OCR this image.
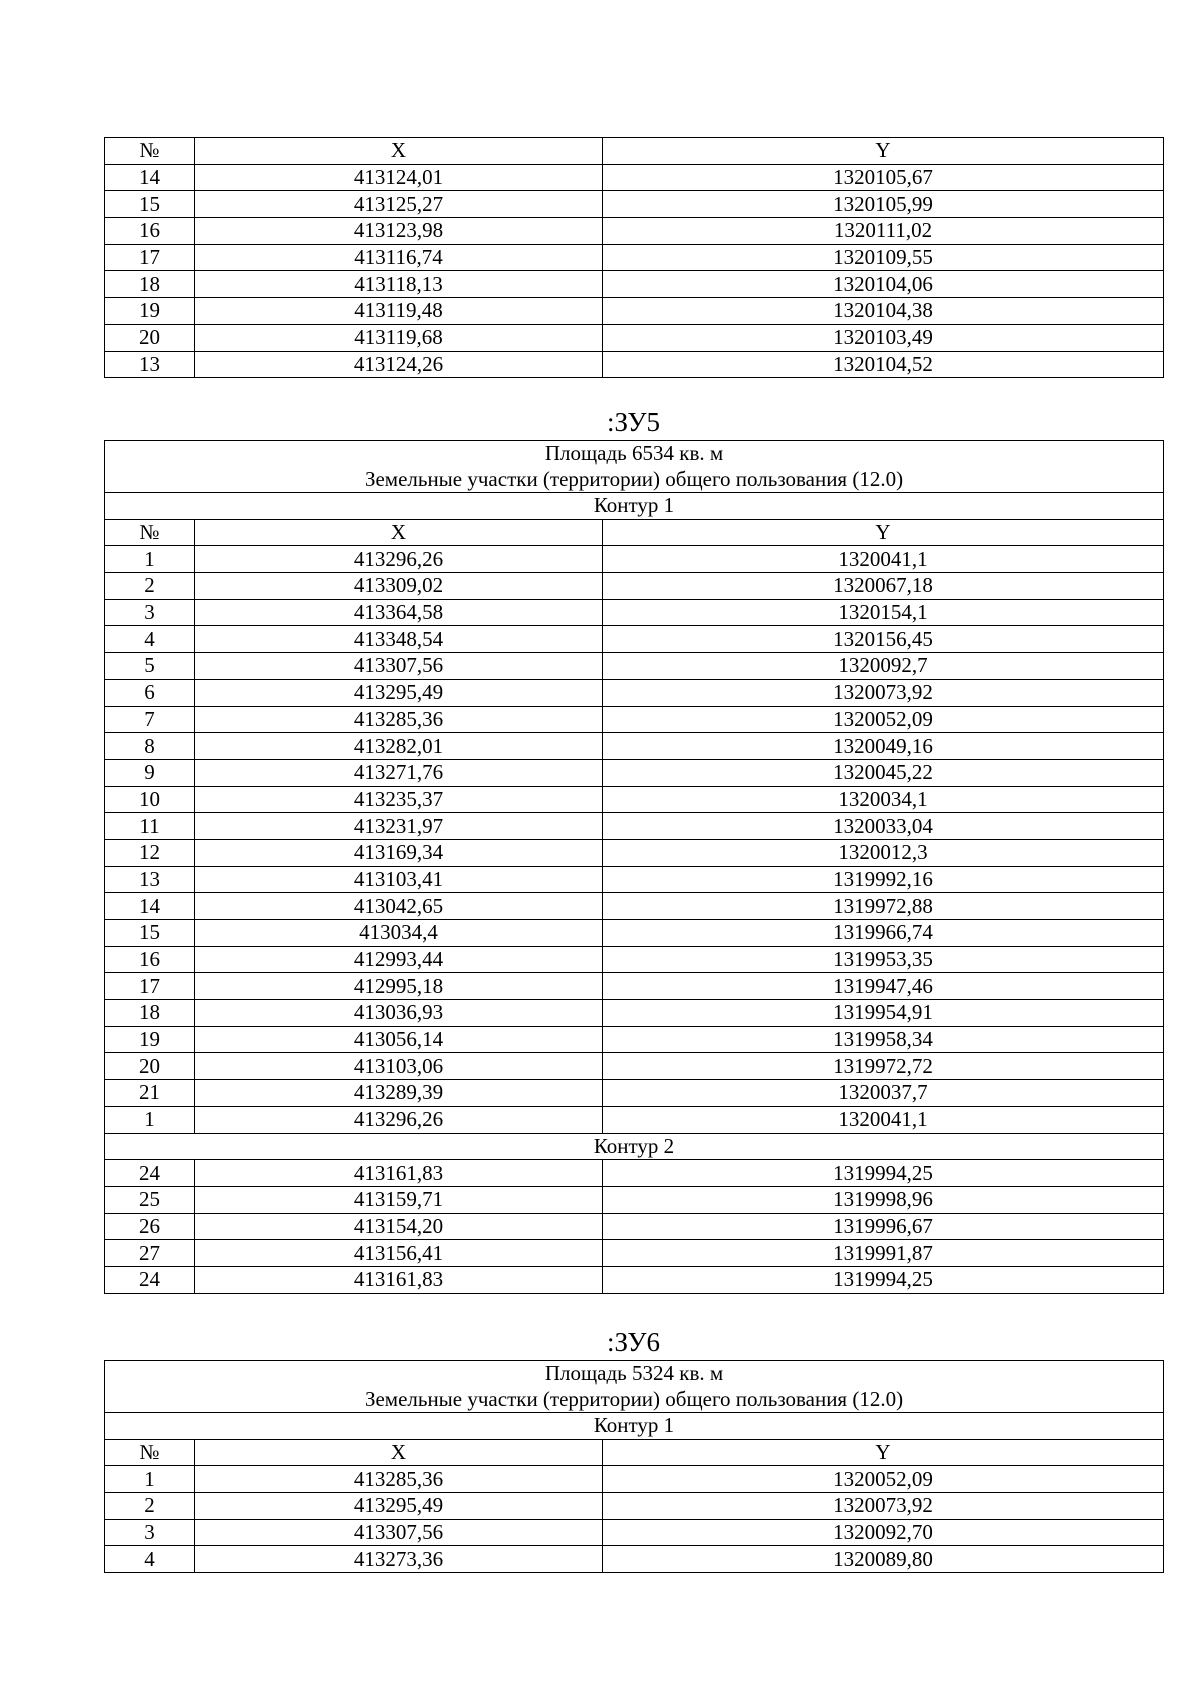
№	X	Y
14	413124,01	1320105,67
15	413125,27	1320105,99
16	413123,98	1320111,02
17	413116,74	1320109,55
18	413118,13	1320104,06
19	413119,48	1320104,38
20	413119,68	1320103,49
13	413124,26	1320104,52
:ЗУ5
Площадь 6534 кв. м
Земельные участки (территории) общего пользования (12.0)		

Контур 1		
№	X	Y
1	413296,26	1320041,1
2	413309,02	1320067,18
3	413364,58	1320154,1
4	413348,54	1320156,45
5	413307,56	1320092,7
6	413295,49	1320073,92
7	413285,36	1320052,09
8	413282,01	1320049,16
9	413271,76	1320045,22
10	413235,37	1320034,1
11	413231,97	1320033,04
12	413169,34	1320012,3
13	413103,41	1319992,16
14	413042,65	1319972,88
15	413034,4	1319966,74
16	412993,44	1319953,35
17	412995,18	1319947,46
18	413036,93	1319954,91
19	413056,14	1319958,34
20	413103,06	1319972,72
21	413289,39	1320037,7
1	413296,26	1320041,1
Контур 2		
24	413161,83	1319994,25
25	413159,71	1319998,96
26	413154,20	1319996,67
27	413156,41	1319991,87
24	413161,83	1319994,25
:ЗУ6
Площадь 5324 кв. м
Земельные участки (территории) общего пользования (12.0)		

Контур 1		
№	X	Y
1	413285,36	1320052,09
2	413295,49	1320073,92
3	413307,56	1320092,70
4	413273,36	1320089,80
